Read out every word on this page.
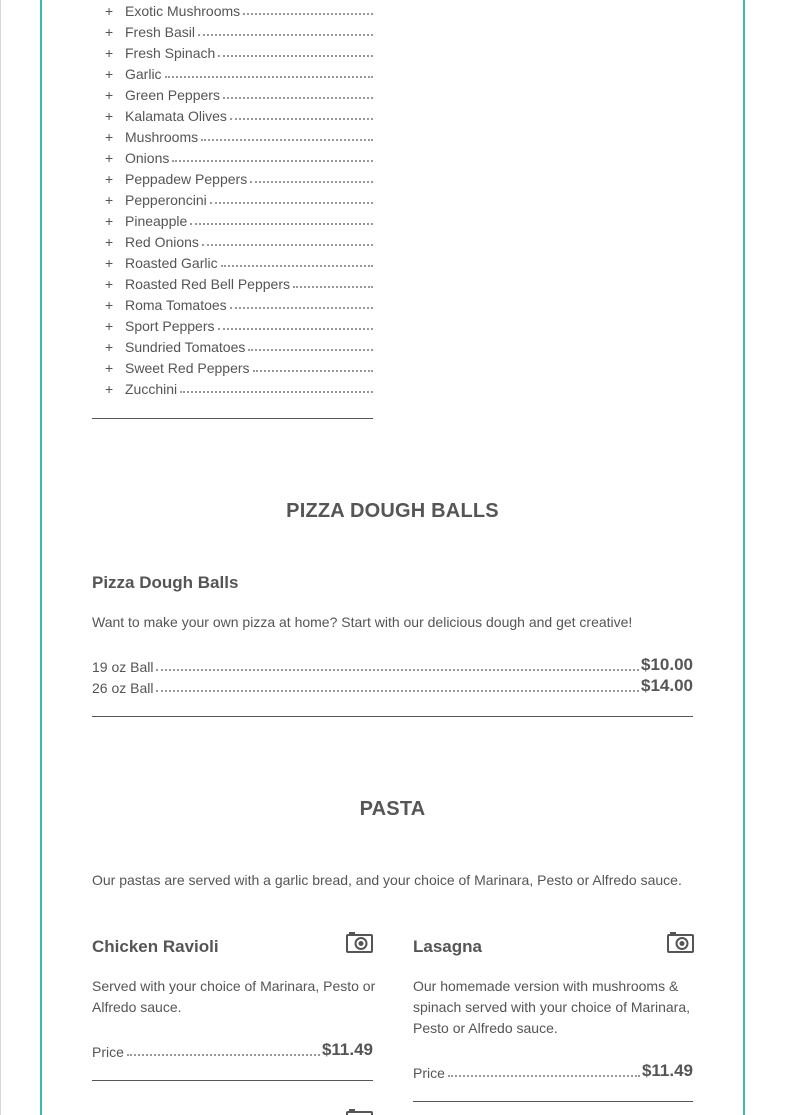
+ Exotic Mushrooms
+ Fresh Basil
+ Fresh Spinach
+ Garlic
+ Green Peppers
+ Kalamata Olives
+ Mushrooms
+ Onions
+ Peppadew Peppers
+ Pepperoncini
+ Pineapple
+ Red Onions
+ Roasted Garlic
+ Roasted Red Bell Peppers
+ Roma Tomatoes
+ Sport Peppers
+ Sundried Tomatoes
+ Sweet Red Peppers
+ Zucchini
PIZZA DOUGH BALLS
Pizza Dough Balls
Want to make your own pizza at home? Start with our delicious dough and get creative!
19 oz Ball	$10.00
26 oz Ball	$14.00
PASTA
Our pastas are served with a garlic bread, and your choice of Marinara, Pesto or Alfredo sauce.
Chicken Ravioli
Served with your choice of Marinara, Pesto or Alfredo sauce.
Price	$11.49
Lasagna
Our homemade version with mushrooms & spinach served with your choice of Marinara, Pesto or Alfredo sauce.
Price	$11.49
